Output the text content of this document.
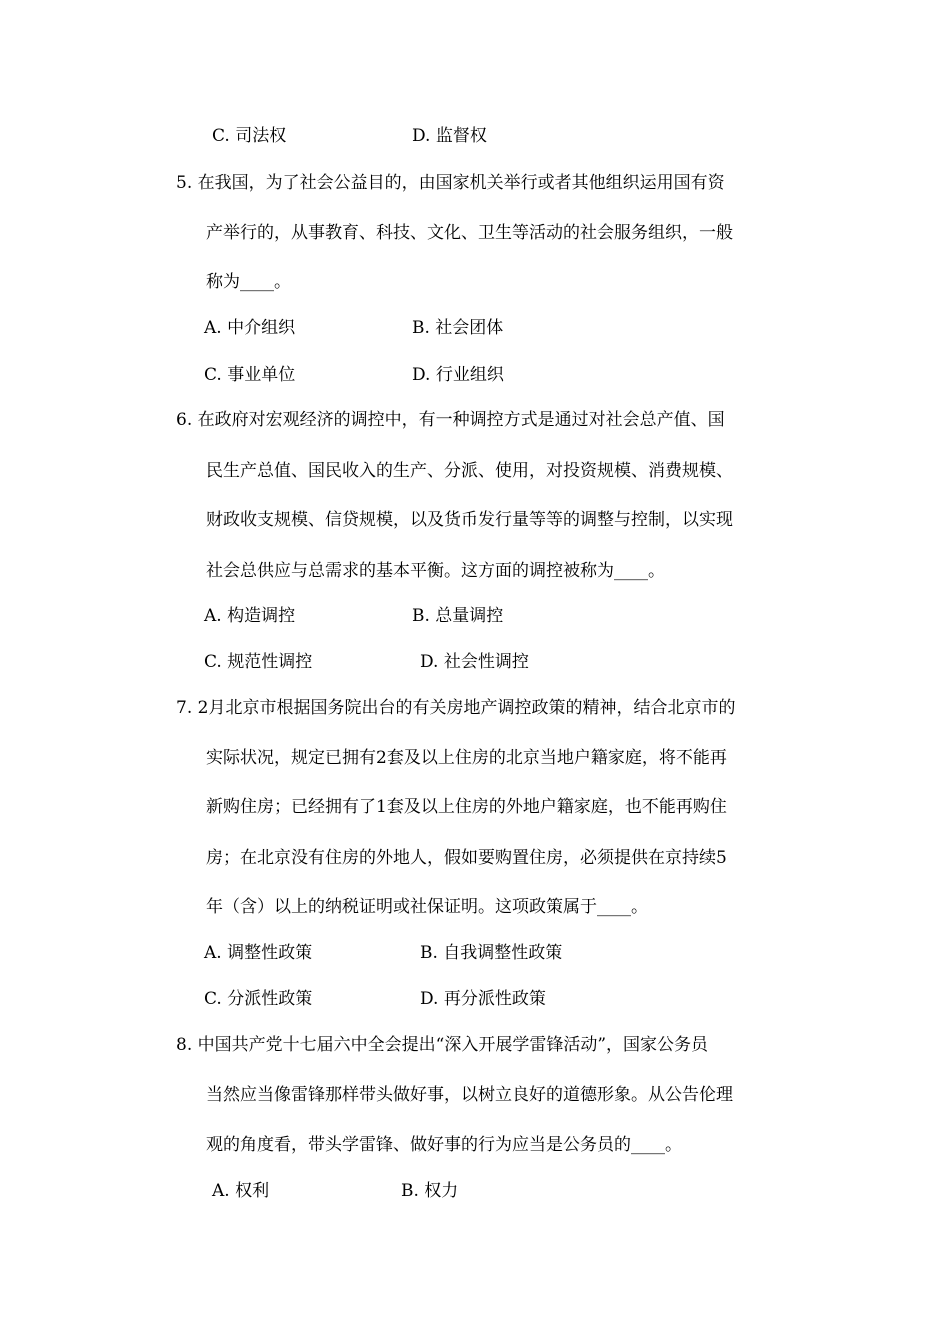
C. 司法权	D. 监督权
5. 在我国，为了社会公益目的，由国家机关举行或者其他组织运用国有资
产举行的，从事教育、科技、文化、卫生等活动的社会服务组织，一般
称为____。
A. 中介组织	B. 社会团体
C. 事业单位	D. 行业组织
6. 在政府对宏观经济的调控中，有一种调控方式是通过对社会总产值、国
民生产总值、国民收入的生产、分派、使用，对投资规模、消费规模、
财政收支规模、信贷规模，以及货币发行量等等的调整与控制，以实现
社会总供应与总需求的基本平衡。这方面的调控被称为____。
A. 构造调控	B. 总量调控
C. 规范性调控	D. 社会性调控
7. 2月北京市根据国务院出台的有关房地产调控政策的精神，结合北京市的
实际状况，规定已拥有2套及以上住房的北京当地户籍家庭，将不能再
新购住房；已经拥有了1套及以上住房的外地户籍家庭，也不能再购住
房；在北京没有住房的外地人，假如要购置住房，必须提供在京持续5
年（含）以上的纳税证明或社保证明。这项政策属于____。
A. 调整性政策	B. 自我调整性政策
C. 分派性政策	D. 再分派性政策
8. 中国共产党十七届六中全会提出“深入开展学雷锋活动”，国家公务员
当然应当像雷锋那样带头做好事，以树立良好的道德形象。从公告伦理
观的角度看，带头学雷锋、做好事的行为应当是公务员的____。
A. 权利	B. 权力
